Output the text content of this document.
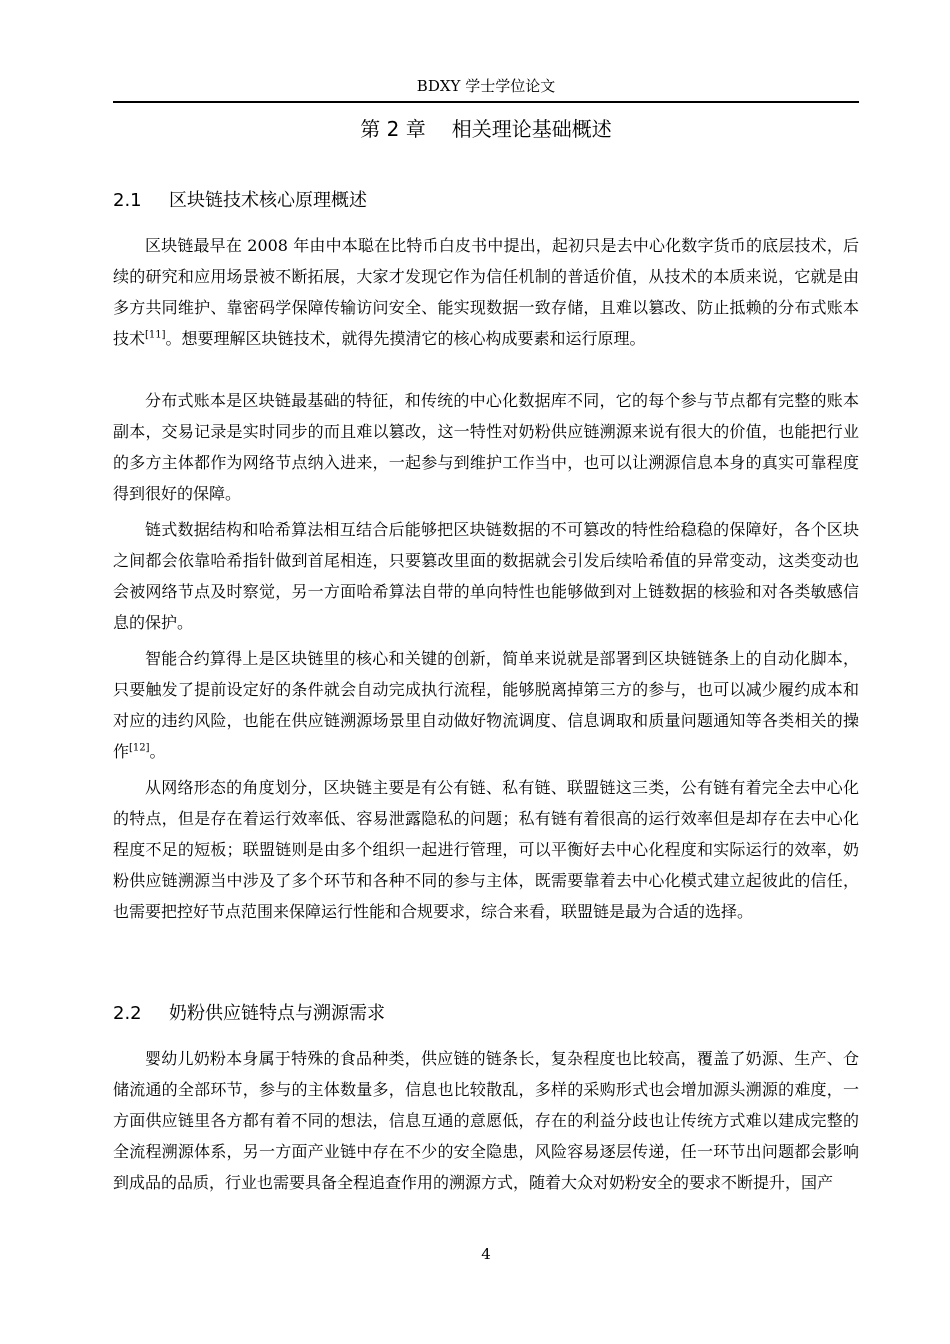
BDXY 学士学位论文
第 2 章 相关理论基础概述
2.1 区块链技术核心原理概述

区块链最早在 2008 年由中本聪在比特币白皮书中提出，起初只是去中心化数字货币的底层技术，后续的研究和应用场景被不断拓展，大家才发现它作为信任机制的普适价值，从技术的本质来说，它就是由多方共同维护、靠密码学保障传输访问安全、能实现数据一致存储，且难以篡改、防止抵赖的分布式账本技术[11]。想要理解区块链技术，就得先摸清它的核心构成要素和运行原理。

分布式账本是区块链最基础的特征，和传统的中心化数据库不同，它的每个参与节点都有完整的账本副本，交易记录是实时同步的而且难以篡改，这一特性对奶粉供应链溯源来说有很大的价值，也能把行业的多方主体都作为网络节点纳入进来，一起参与到维护工作当中，也可以让溯源信息本身的真实可靠程度得到很好的保障。

链式数据结构和哈希算法相互结合后能够把区块链数据的不可篡改的特性给稳稳的保障好，各个区块之间都会依靠哈希指针做到首尾相连，只要篡改里面的数据就会引发后续哈希值的异常变动，这类变动也会被网络节点及时察觉，另一方面哈希算法自带的单向特性也能够做到对上链数据的核验和对各类敏感信息的保护。

智能合约算得上是区块链里的核心和关键的创新，简单来说就是部署到区块链链条上的自动化脚本，只要触发了提前设定好的条件就会自动完成执行流程，能够脱离掉第三方的参与，也可以减少履约成本和对应的违约风险，也能在供应链溯源场景里自动做好物流调度、信息调取和质量问题通知等各类相关的操作[12]。

从网络形态的角度划分，区块链主要是有公有链、私有链、联盟链这三类，公有链有着完全去中心化的特点，但是存在着运行效率低、容易泄露隐私的问题；私有链有着很高的运行效率但是却存在去中心化程度不足的短板；联盟链则是由多个组织一起进行管理，可以平衡好去中心化程度和实际运行的效率，奶粉供应链溯源当中涉及了多个环节和各种不同的参与主体，既需要靠着去中心化模式建立起彼此的信任，也需要把控好节点范围来保障运行性能和合规要求，综合来看，联盟链是最为合适的选择。

2.2 奶粉供应链特点与溯源需求

婴幼儿奶粉本身属于特殊的食品种类，供应链的链条长，复杂程度也比较高，覆盖了奶源、生产、仓储流通的全部环节，参与的主体数量多，信息也比较散乱，多样的采购形式也会增加源头溯源的难度，一方面供应链里各方都有着不同的想法，信息互通的意愿低，存在的利益分歧也让传统方式难以建成完整的全流程溯源体系，另一方面产业链中存在不少的安全隐患，风险容易逐层传递，任一环节出问题都会影响到成品的品质，行业也需要具备全程追查作用的溯源方式，随着大众对奶粉安全的要求不断提升，国产

4
